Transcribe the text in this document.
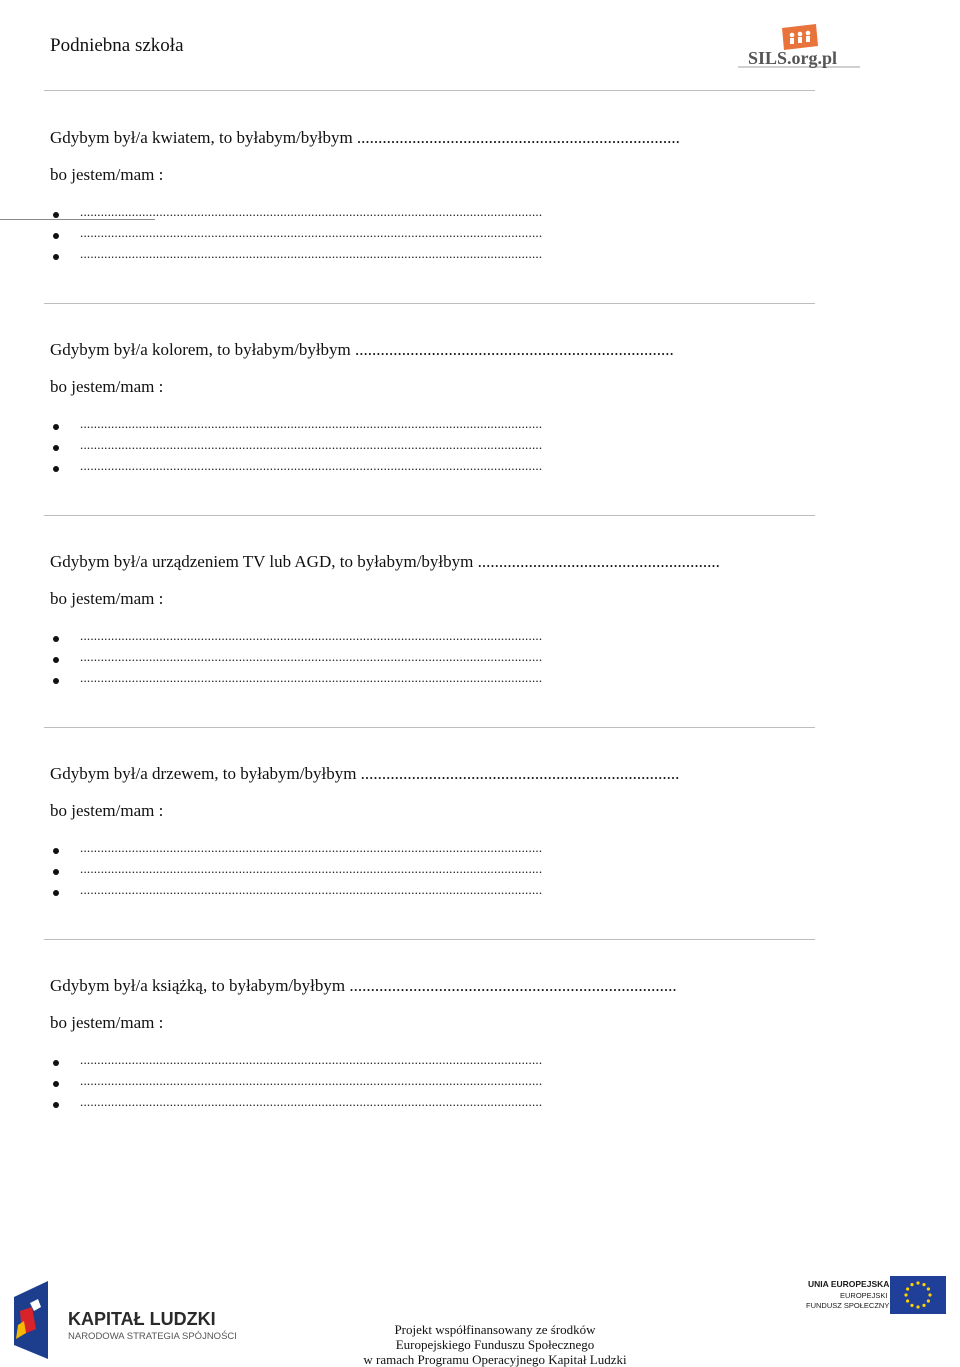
Podniebna szkoła
SILS.org.pl
Gdybym był/a kwiatem, to byłabym/byłbym ............................................................................
bo jestem/mam :
......................................................................................................................................
......................................................................................................................................
......................................................................................................................................
Gdybym był/a kolorem, to byłabym/byłbym ...........................................................................
bo jestem/mam :
......................................................................................................................................
......................................................................................................................................
......................................................................................................................................
Gdybym był/a urządzeniem TV lub AGD, to byłabym/byłbym .........................................................
bo jestem/mam :
......................................................................................................................................
......................................................................................................................................
......................................................................................................................................
Gdybym był/a drzewem, to byłabym/byłbym ...........................................................................
bo jestem/mam :
......................................................................................................................................
......................................................................................................................................
......................................................................................................................................
Gdybym był/a książką, to byłabym/byłbym .............................................................................
bo jestem/mam :
......................................................................................................................................
......................................................................................................................................
......................................................................................................................................
KAPITAŁ LUDZKI
NARODOWA STRATEGIA SPÓJNOŚCI
UNIA EUROPEJSKA
EUROPEJSKI
FUNDUSZ SPOŁECZNY
Projekt współfinansowany ze środków
Europejskiego Funduszu Społecznego
w ramach Programu Operacyjnego Kapitał Ludzki
